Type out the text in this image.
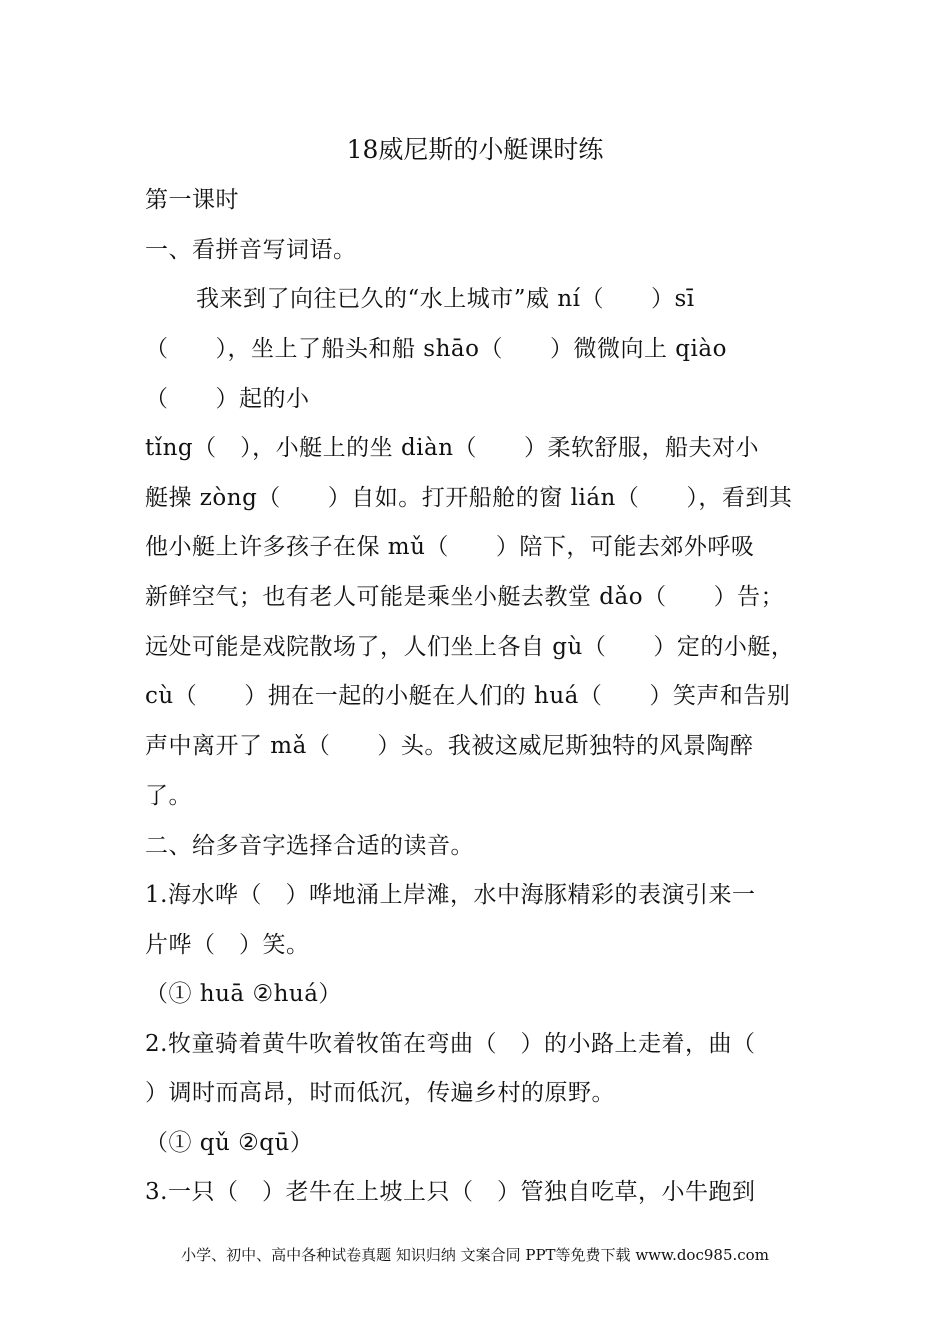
18威尼斯的小艇课时练
第一课时
一、看拼音写词语。
我来到了向往已久的“水上城市”威 ní（　　）sī
（　　），坐上了船头和船 shāo（　　）微微向上 qiào
（　　）起的小
tǐng（　），小艇上的坐 diàn（　　）柔软舒服，船夫对小
艇操 zòng（　　）自如。打开船舱的窗 lián（　　），看到其
他小艇上许多孩子在保 mǔ（　　）陪下，可能去郊外呼吸
新鲜空气；也有老人可能是乘坐小艇去教堂 dǎo（　　）告；
远处可能是戏院散场了，人们坐上各自 gù（　　）定的小艇，
cù（　　）拥在一起的小艇在人们的 huá（　　）笑声和告别
声中离开了 mǎ（　　）头。我被这威尼斯独特的风景陶醉
了。
二、给多音字选择合适的读音。
1.海水哗（　）哗地涌上岸滩，水中海豚精彩的表演引来一
片哗（　）笑。
（① huā ②huá）
2.牧童骑着黄牛吹着牧笛在弯曲（　）的小路上走着，曲（
）调时而高昂，时而低沉，传遍乡村的原野。
（① qǔ ②qū）
3.一只（　）老牛在上坡上只（　）管独自吃草，小牛跑到
小学、初中、高中各种试卷真题 知识归纳 文案合同 PPT等免费下载 www.doc985.com
